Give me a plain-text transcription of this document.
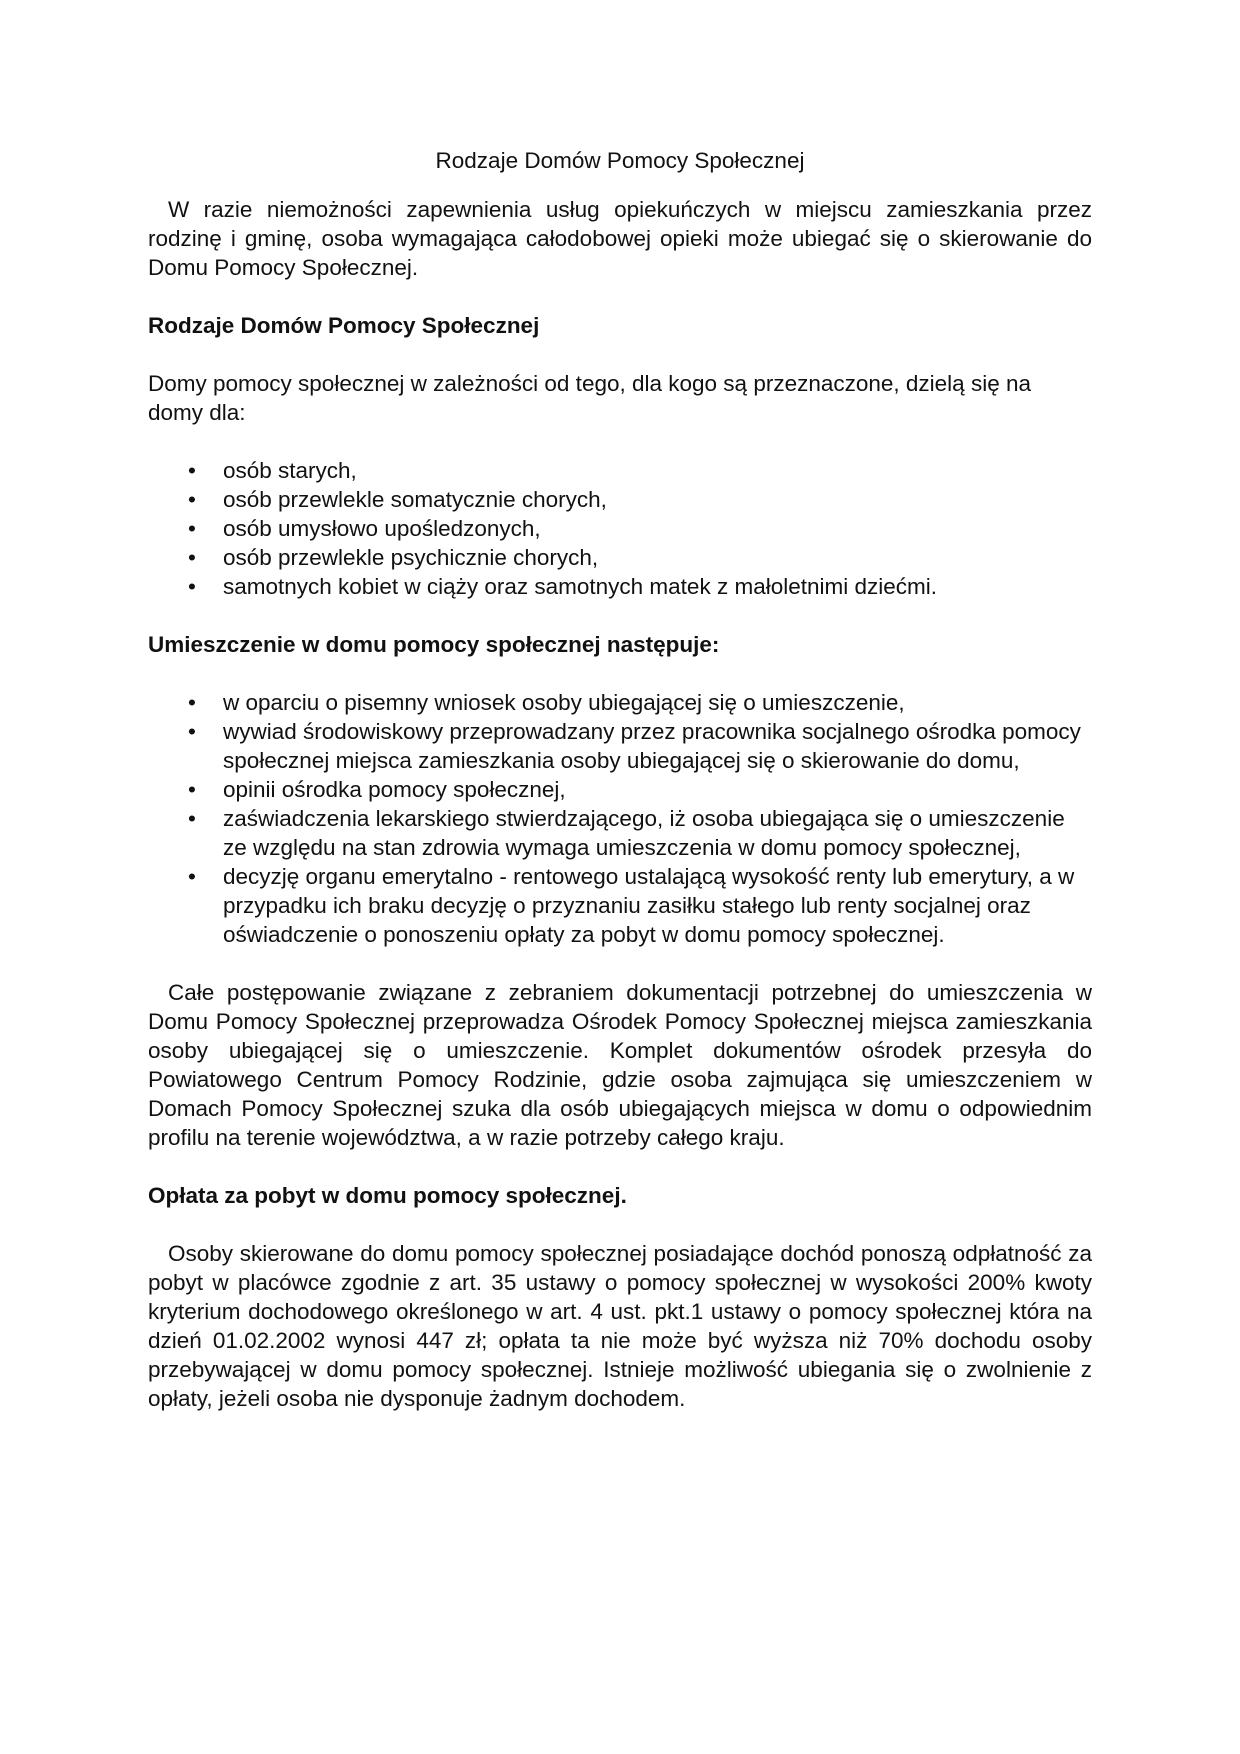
Rodzaje Domów Pomocy Społecznej

W razie niemożności zapewnienia usług opiekuńczych w miejscu zamieszkania przez rodzinę i gminę, osoba wymagająca całodobowej opieki może ubiegać się o skierowanie do Domu Pomocy Społecznej.

Rodzaje Domów Pomocy Społecznej

Domy pomocy społecznej w zależności od tego, dla kogo są przeznaczone, dzielą się na domy dla:

• osób starych,
• osób przewlekle somatycznie chorych,
• osób umysłowo upośledzonych,
• osób przewlekle psychicznie chorych,
• samotnych kobiet w ciąży oraz samotnych matek z małoletnimi dziećmi.

Umieszczenie w domu pomocy społecznej następuje:

• w oparciu o pisemny wniosek osoby ubiegającej się o umieszczenie,
• wywiad środowiskowy przeprowadzany przez pracownika socjalnego ośrodka pomocy społecznej miejsca zamieszkania osoby ubiegającej się o skierowanie do domu,
• opinii ośrodka pomocy społecznej,
• zaświadczenia lekarskiego stwierdzającego, iż osoba ubiegająca się o umieszczenie ze względu na stan zdrowia wymaga umieszczenia w domu pomocy społecznej,
• decyzję organu emerytalno - rentowego ustalającą wysokość renty lub emerytury, a w przypadku ich braku decyzję o przyznaniu zasiłku stałego lub renty socjalnej oraz oświadczenie o ponoszeniu opłaty za pobyt w domu pomocy społecznej.

Całe postępowanie związane z zebraniem dokumentacji potrzebnej do umieszczenia w Domu Pomocy Społecznej przeprowadza Ośrodek Pomocy Społecznej miejsca zamieszkania osoby ubiegającej się o umieszczenie. Komplet dokumentów ośrodek przesyła do Powiatowego Centrum Pomocy Rodzinie, gdzie osoba zajmująca się umieszczeniem w Domach Pomocy Społecznej szuka dla osób ubiegających miejsca w domu o odpowiednim profilu na terenie województwa, a w razie potrzeby całego kraju.

Opłata za pobyt w domu pomocy społecznej.

Osoby skierowane do domu pomocy społecznej posiadające dochód ponoszą odpłatność za pobyt w placówce zgodnie z art. 35 ustawy o pomocy społecznej w wysokości 200% kwoty kryterium dochodowego określonego w art. 4 ust. pkt.1 ustawy o pomocy społecznej która na dzień 01.02.2002 wynosi 447 zł; opłata ta nie może być wyższa niż 70% dochodu osoby przebywającej w domu pomocy społecznej. Istnieje możliwość ubiegania się o zwolnienie z opłaty, jeżeli osoba nie dysponuje żadnym dochodem.
